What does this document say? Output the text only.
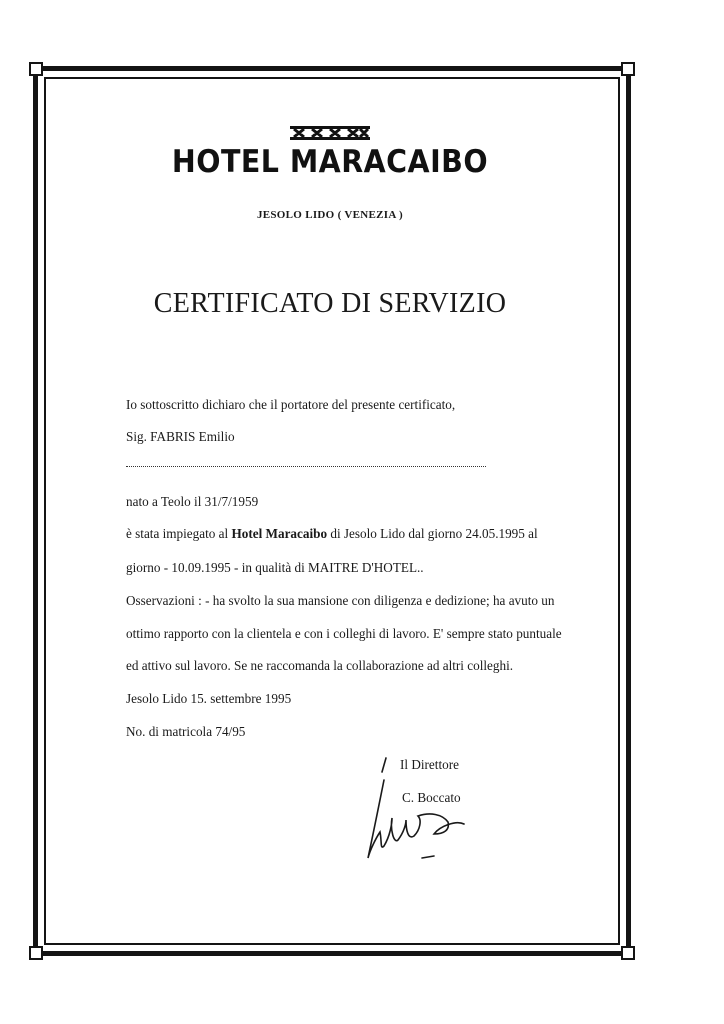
HOTEL MARACAIBO
JESOLO LIDO ( VENEZIA )
CERTIFICATO DI SERVIZIO
Io sottoscritto dichiaro che il portatore del presente certificato,
Sig. FABRIS Emilio
nato a Teolo il 31/7/1959
è stata impiegato al Hotel Maracaibo di Jesolo Lido dal giorno 24.05.1995 al
giorno - 10.09.1995 - in qualità di MAITRE D'HOTEL..
Osservazioni : - ha svolto la sua mansione con diligenza e dedizione; ha avuto un
ottimo rapporto con la clientela e con i colleghi di lavoro. E' sempre stato puntuale
ed attivo sul lavoro. Se ne raccomanda la collaborazione ad altri colleghi.
Jesolo Lido 15. settembre 1995
No. di matricola 74/95
Il Direttore
C. Boccato
